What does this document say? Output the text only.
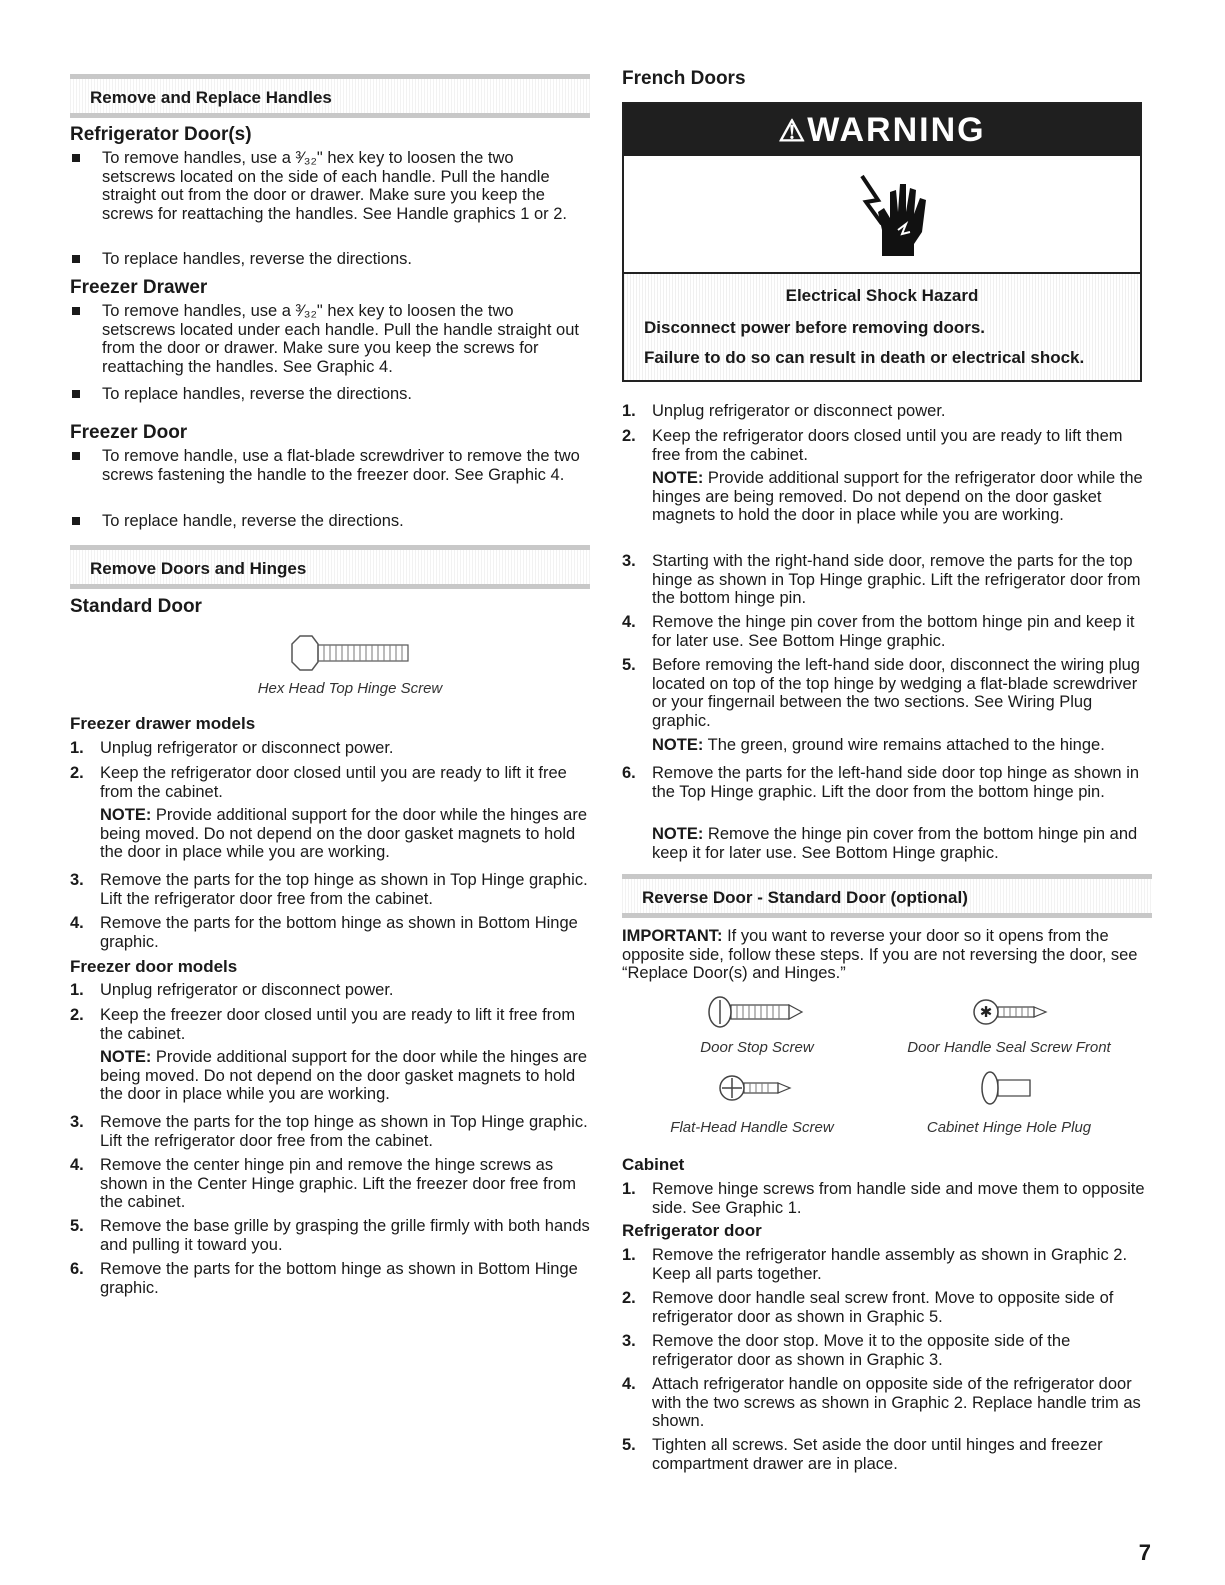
Remove and Replace Handles
Refrigerator Door(s)
To remove handles, use a ³⁄₃₂" hex key to loosen the two setscrews located on the side of each handle. Pull the handle straight out from the door or drawer. Make sure you keep the screws for reattaching the handles. See Handle graphics 1 or 2.
To replace handles, reverse the directions.
Freezer Drawer
To remove handles, use a ³⁄₃₂" hex key to loosen the two setscrews located under each handle. Pull the handle straight out from the door or drawer. Make sure you keep the screws for reattaching the handles. See Graphic 4.
To replace handles, reverse the directions.
Freezer Door
To remove handle, use a flat-blade screwdriver to remove the two screws fastening the handle to the freezer door. See Graphic 4.
To replace handle, reverse the directions.
Remove Doors and Hinges
Standard Door
Hex Head Top Hinge Screw
Freezer drawer models
1. Unplug refrigerator or disconnect power.
2. Keep the refrigerator door closed until you are ready to lift it free from the cabinet.
NOTE: Provide additional support for the door while the hinges are being moved. Do not depend on the door gasket magnets to hold the door in place while you are working.
3. Remove the parts for the top hinge as shown in Top Hinge graphic. Lift the refrigerator door free from the cabinet.
4. Remove the parts for the bottom hinge as shown in Bottom Hinge graphic.
Freezer door models
1. Unplug refrigerator or disconnect power.
2. Keep the freezer door closed until you are ready to lift it free from the cabinet.
NOTE: Provide additional support for the door while the hinges are being moved. Do not depend on the door gasket magnets to hold the door in place while you are working.
3. Remove the parts for the top hinge as shown in Top Hinge graphic. Lift the refrigerator door free from the cabinet.
4. Remove the center hinge pin and remove the hinge screws as shown in the Center Hinge graphic. Lift the freezer door free from the cabinet.
5. Remove the base grille by grasping the grille firmly with both hands and pulling it toward you.
6. Remove the parts for the bottom hinge as shown in Bottom Hinge graphic.
French Doors
⚠WARNING
Electrical Shock Hazard
Disconnect power before removing doors.
Failure to do so can result in death or electrical shock.
1. Unplug refrigerator or disconnect power.
2. Keep the refrigerator doors closed until you are ready to lift them free from the cabinet.
NOTE: Provide additional support for the refrigerator door while the hinges are being removed. Do not depend on the door gasket magnets to hold the door in place while you are working.
3. Starting with the right-hand side door, remove the parts for the top hinge as shown in Top Hinge graphic. Lift the refrigerator door from the bottom hinge pin.
4. Remove the hinge pin cover from the bottom hinge pin and keep it for later use. See Bottom Hinge graphic.
5. Before removing the left-hand side door, disconnect the wiring plug located on top of the top hinge by wedging a flat-blade screwdriver or your fingernail between the two sections. See Wiring Plug graphic.
NOTE: The green, ground wire remains attached to the hinge.
6. Remove the parts for the left-hand side door top hinge as shown in the Top Hinge graphic. Lift the door from the bottom hinge pin.
NOTE: Remove the hinge pin cover from the bottom hinge pin and keep it for later use. See Bottom Hinge graphic.
Reverse Door - Standard Door (optional)
IMPORTANT: If you want to reverse your door so it opens from the opposite side, follow these steps. If you are not reversing the door, see “Replace Door(s) and Hinges.”
Door Stop Screw
✱
Door Handle Seal Screw Front
Flat-Head Handle Screw	Cabinet Hinge Hole Plug
Cabinet
1. Remove hinge screws from handle side and move them to opposite side. See Graphic 1.
Refrigerator door
1. Remove the refrigerator handle assembly as shown in Graphic 2. Keep all parts together.
2. Remove door handle seal screw front. Move to opposite side of refrigerator door as shown in Graphic 5.
3. Remove the door stop. Move it to the opposite side of the refrigerator door as shown in Graphic 3.
4. Attach refrigerator handle on opposite side of the refrigerator door with the two screws as shown in Graphic 2. Replace handle trim as shown.
5. Tighten all screws. Set aside the door until hinges and freezer compartment drawer are in place.
7
